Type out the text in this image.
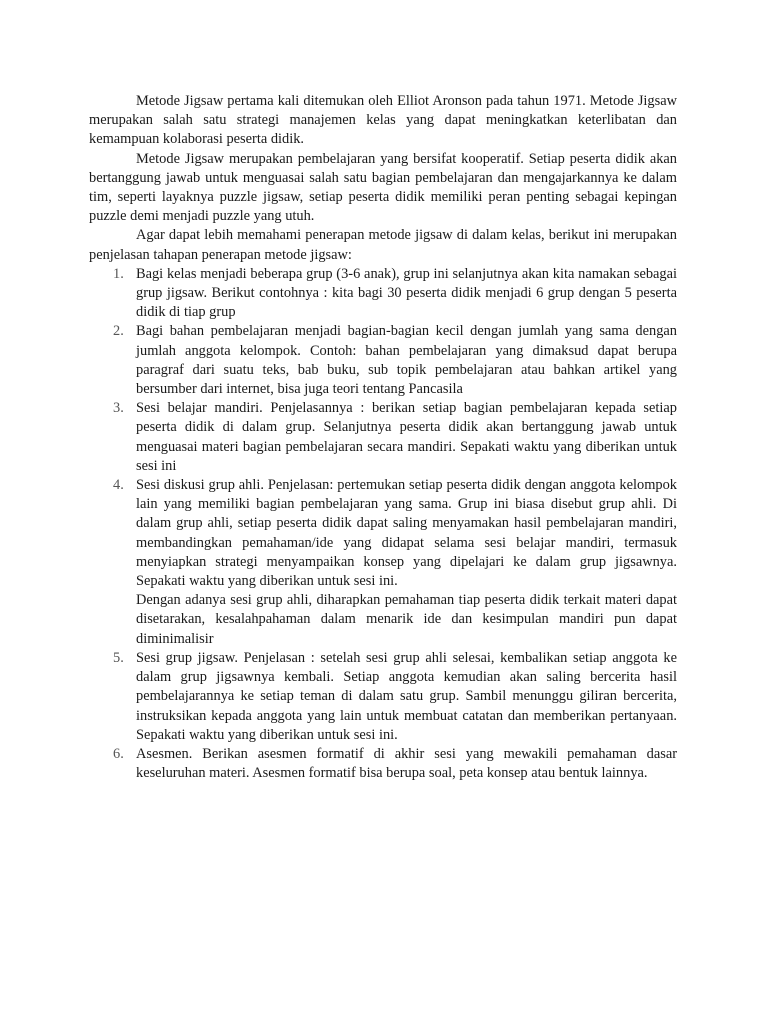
Metode Jigsaw pertama kali ditemukan oleh Elliot Aronson pada tahun 1971. Metode Jigsaw merupakan salah satu strategi manajemen kelas yang dapat meningkatkan keterlibatan dan kemampuan kolaborasi peserta didik.

Metode Jigsaw merupakan pembelajaran yang bersifat kooperatif. Setiap peserta didik akan bertanggung jawab untuk menguasai salah satu bagian pembelajaran dan mengajarkannya ke dalam tim, seperti layaknya puzzle jigsaw, setiap peserta didik memiliki peran penting sebagai kepingan puzzle demi menjadi puzzle yang utuh.

Agar dapat lebih memahami penerapan metode jigsaw di dalam kelas, berikut ini merupakan penjelasan tahapan penerapan metode jigsaw:

1. Bagi kelas menjadi beberapa grup (3-6 anak), grup ini selanjutnya akan kita namakan sebagai grup jigsaw. Berikut contohnya : kita bagi 30 peserta didik menjadi 6 grup dengan 5 peserta didik di tiap grup
2. Bagi bahan pembelajaran menjadi bagian-bagian kecil dengan jumlah yang sama dengan jumlah anggota kelompok. Contoh: bahan pembelajaran yang dimaksud dapat berupa paragraf dari suatu teks, bab buku, sub topik pembelajaran atau bahkan artikel yang bersumber dari internet, bisa juga teori tentang Pancasila
3. Sesi belajar mandiri. Penjelasannya : berikan setiap bagian pembelajaran kepada setiap peserta didik di dalam grup. Selanjutnya peserta didik akan bertanggung jawab untuk menguasai materi bagian pembelajaran secara mandiri. Sepakati waktu yang diberikan untuk sesi ini
4. Sesi diskusi grup ahli. Penjelasan: pertemukan setiap peserta didik dengan anggota kelompok lain yang memiliki bagian pembelajaran yang sama. Grup ini biasa disebut grup ahli. Di dalam grup ahli, setiap peserta didik dapat saling menyamakan hasil pembelajaran mandiri, membandingkan pemahaman/ide yang didapat selama sesi belajar mandiri, termasuk menyiapkan strategi menyampaikan konsep yang dipelajari ke dalam grup jigsawnya. Sepakati waktu yang diberikan untuk sesi ini.
Dengan adanya sesi grup ahli, diharapkan pemahaman tiap peserta didik terkait materi dapat disetarakan, kesalahpahaman dalam menarik ide dan kesimpulan mandiri pun dapat diminimalisir
5. Sesi grup jigsaw. Penjelasan : setelah sesi grup ahli selesai, kembalikan setiap anggota ke dalam grup jigsawnya kembali. Setiap anggota kemudian akan saling bercerita hasil pembelajarannya ke setiap teman di dalam satu grup. Sambil menunggu giliran bercerita, instruksikan kepada anggota yang lain untuk membuat catatan dan memberikan pertanyaan. Sepakati waktu yang diberikan untuk sesi ini.
6. Asesmen. Berikan asesmen formatif di akhir sesi yang mewakili pemahaman dasar keseluruhan materi. Asesmen formatif bisa berupa soal, peta konsep atau bentuk lainnya.
